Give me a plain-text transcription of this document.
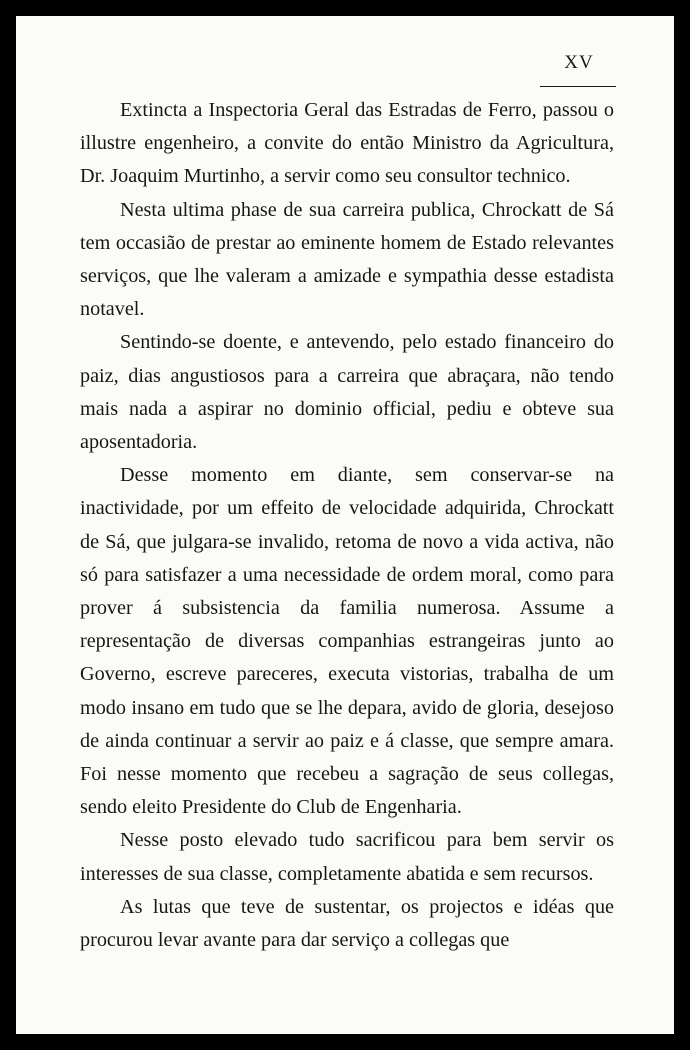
XV

Extincta a Inspectoria Geral das Estradas de Ferro, passou o illustre engenheiro, a convite do então Ministro da Agricultura, Dr. Joaquim Murtinho, a servir como seu consultor technico.

Nesta ultima phase de sua carreira publica, Chrockatt de Sá tem occasião de prestar ao eminente homem de Estado relevantes serviços, que lhe valeram a amizade e sympathia desse estadista notavel.

Sentindo-se doente, e antevendo, pelo estado financeiro do paiz, dias angustiosos para a carreira que abraçara, não tendo mais nada a aspirar no dominio official, pediu e obteve sua aposentadoria.

Desse momento em diante, sem conservar-se na inactividade, por um effeito de velocidade adquirida, Chrockatt de Sá, que julgara-se invalido, retoma de novo a vida activa, não só para satisfazer a uma necessidade de ordem moral, como para prover á subsistencia da familia numerosa. Assume a representação de diversas companhias estrangeiras junto ao Governo, escreve pareceres, executa vistorias, trabalha de um modo insano em tudo que se lhe depara, avido de gloria, desejoso de ainda continuar a servir ao paiz e á classe, que sempre amara. Foi nesse momento que recebeu a sagração de seus collegas, sendo eleito Presidente do Club de Engenharia.

Nesse posto elevado tudo sacrificou para bem servir os interesses de sua classe, completamente abatida e sem recursos.

As lutas que teve de sustentar, os projectos e idéas que procurou levar avante para dar serviço a collegas que
